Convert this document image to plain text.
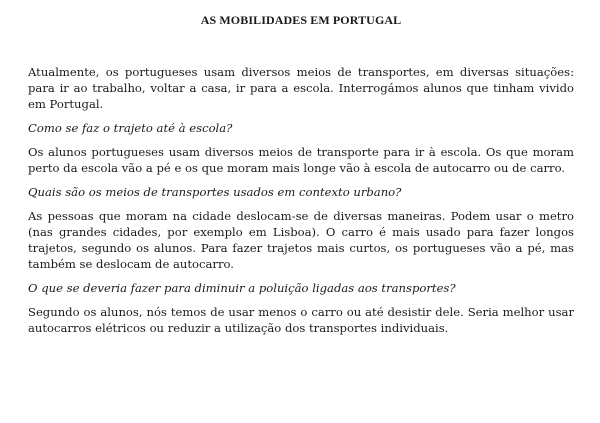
AS MOBILIDADES EM PORTUGAL

Atualmente, os portugueses usam diversos meios de transportes, em diversas situações: para ir ao trabalho, voltar a casa, ir para a escola. Interrogámos alunos que tinham vivido em Portugal.

Como se faz o trajeto até à escola?

Os alunos portugueses usam diversos meios de transporte para ir à escola. Os que moram perto da escola vão a pé e os que moram mais longe vão à escola de autocarro ou de carro.

Quais são os meios de transportes usados em contexto urbano?

As pessoas que moram na cidade deslocam-se de diversas maneiras. Podem usar o metro (nas grandes cidades, por exemplo em Lisboa). O carro é mais usado para fazer longos trajetos, segundo os alunos. Para fazer trajetos mais curtos, os portugueses vão a pé, mas também se deslocam de autocarro.

O que se deveria fazer para diminuir a poluição ligadas aos transportes?

Segundo os alunos, nós temos de usar menos o carro ou até desistir dele. Seria melhor usar autocarros elétricos ou reduzir a utilização dos transportes individuais.
